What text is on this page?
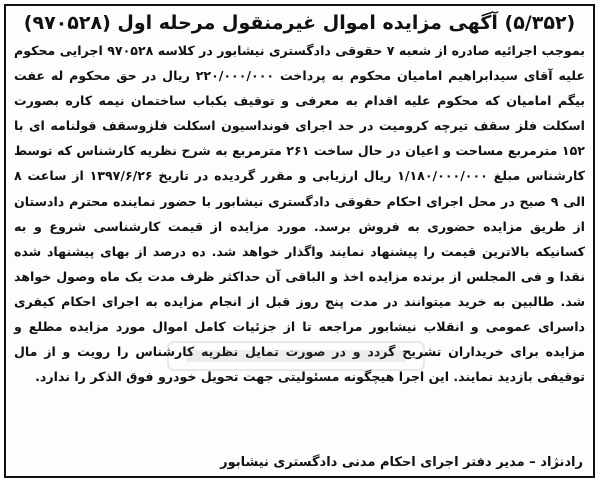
(۵/۳۵۲) آگهی مزایده اموال غیرمنقول مرحله اول (۹۷۰۵۲۸)
بموجب اجرائیه صادره از شعبه ۷ حقوقی دادگستری نیشابور در کلاسه ۹۷۰۵۲۸ اجرایی محکوم علیه آقای سیدابراهیم امامیان محکوم به پرداخت ۲۲۰/۰۰۰/۰۰۰ ریال در حق محکوم له عفت بیگم امامیان که محکوم علیه اقدام به معرفی و توقیف یکباب ساختمان نیمه کاره بصورت اسکلت فلز سقف تیرچه کرومیت در حد اجرای فونداسیون اسکلت فلزوسقف قولنامه ای با ۱۵۲ مترمربع مساحت و اعیان در حال ساخت ۲۶۱ مترمربع به شرح نظریه کارشناس که توسط کارشناس مبلغ ۱/۱۸۰/۰۰۰/۰۰۰ ریال ارزیابی و مقرر گردیده در تاریخ ۱۳۹۷/۶/۲۶ از ساعت ۸ الی ۹ صبح در محل اجرای احکام حقوقی دادگستری نیشابور با حضور نماینده محترم دادستان از طریق مزایده حضوری به فروش برسد. مورد مزایده از قیمت کارشناسی شروع و به کسانیکه بالاترین قیمت را پیشنهاد نمایند واگذار خواهد شد. ده درصد از بهای پیشنهاد شده نقدا و فی المجلس از برنده مزایده اخذ و الباقی آن حداکثر ظرف مدت یک ماه وصول خواهد شد. طالبین به خرید میتوانند در مدت پنج روز قبل از انجام مزایده به اجرای احکام کیفری داسرای عمومی و انقلاب نیشابور مراجعه تا از جزئیات کامل اموال مورد مزایده مطلع و مزایده برای خریداران تشریح گردد و در صورت تمایل نظریه کارشناس را رویت و از مال توقیفی بازدید نمایند. این اجرا هیچگونه مسئولیتی جهت تحویل خودرو فوق الذکر را ندارد.
رادنژاد – مدیر دفتر اجرای احکام مدنی دادگستری نیشابور
